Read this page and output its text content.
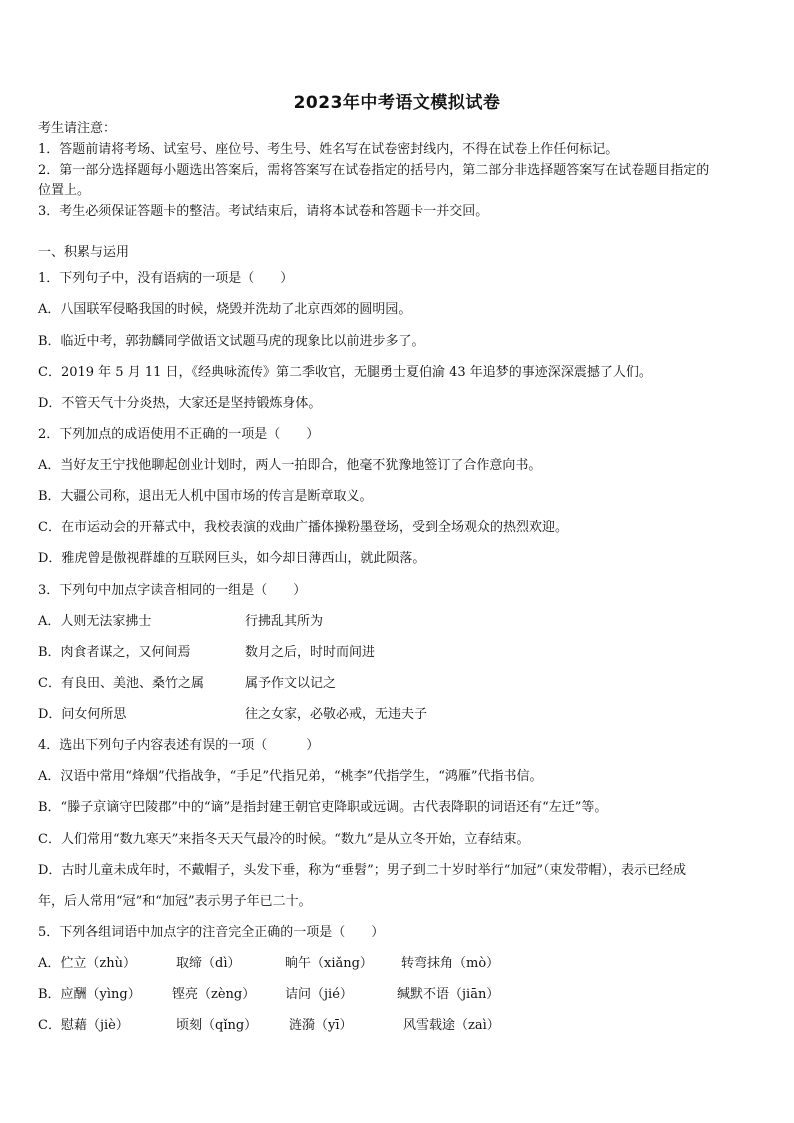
2023年中考语文模拟试卷
考生请注意：
1．答题前请将考场、试室号、座位号、考生号、姓名写在试卷密封线内，不得在试卷上作任何标记。
2．第一部分选择题每小题选出答案后，需将答案写在试卷指定的括号内，第二部分非选择题答案写在试卷题目指定的
位置上。
3．考生必须保证答题卡的整洁。考试结束后，请将本试卷和答题卡一并交回。
一、积累与运用
1．下列句子中，没有语病的一项是（　　）
A．八国联军侵略我国的时候，烧毁并洗劫了北京西郊的圆明园。
B．临近中考，郭勃麟同学做语文试题马虎的现象比以前进步多了。
C．2019 年 5 月 11 日，《经典咏流传》第二季收官，无腿勇士夏伯渝 43 年追梦的事迹深深震撼了人们。
D．不管天气十分炎热，大家还是坚持锻炼身体。
2．下列加点的成语使用不正确的一项是（　　）
A．当好友王宁找他聊起创业计划时，两人一拍即合，他毫不犹豫地签订了合作意向书。
B．大疆公司称，退出无人机中国市场的传言是断章取义。
C．在市运动会的开幕式中，我校表演的戏曲广播体操粉墨登场，受到全场观众的热烈欢迎。
D．雅虎曾是傲视群雄的互联网巨头，如今却日薄西山，就此陨落。
3．下列句中加点字读音相同的一组是（　　）
A．人则无法家拂士	行拂乱其所为
B．肉食者谋之，又何间焉	数月之后，时时而间进
C．有良田、美池、桑竹之属	属予作文以记之
D．问女何所思	往之女家，必敬必戒，无违夫子
4．选出下列句子内容表述有误的一项（　　　）
A．汉语中常用“烽烟”代指战争，“手足”代指兄弟，“桃李”代指学生，“鸿雁”代指书信。
B．“滕子京谪守巴陵郡”中的“谪”是指封建王朝官吏降职或远调。古代表降职的词语还有“左迁”等。
C．人们常用“数九寒天”来指冬天天气最冷的时候。“数九”是从立冬开始，立春结束。
D．古时儿童未成年时，不戴帽子，头发下垂，称为“垂髫”；男子到二十岁时举行“加冠”（束发带帽），表示已经成
年，后人常用“冠”和“加冠”表示男子年已二十。
5．下列各组词语中加点字的注音完全正确的一项是（　　）
A．伫立（zhù）	取缔（dì）	晌午（xiǎng） 转弯抹角（mò）
B．应酬（yìng） 铿亮（zèng） 诘问（jié）	缄默不语（jiān）
C．慰藉（jiè）	顷刻（qǐng） 涟漪（yī）	风雪载途（zaì）
